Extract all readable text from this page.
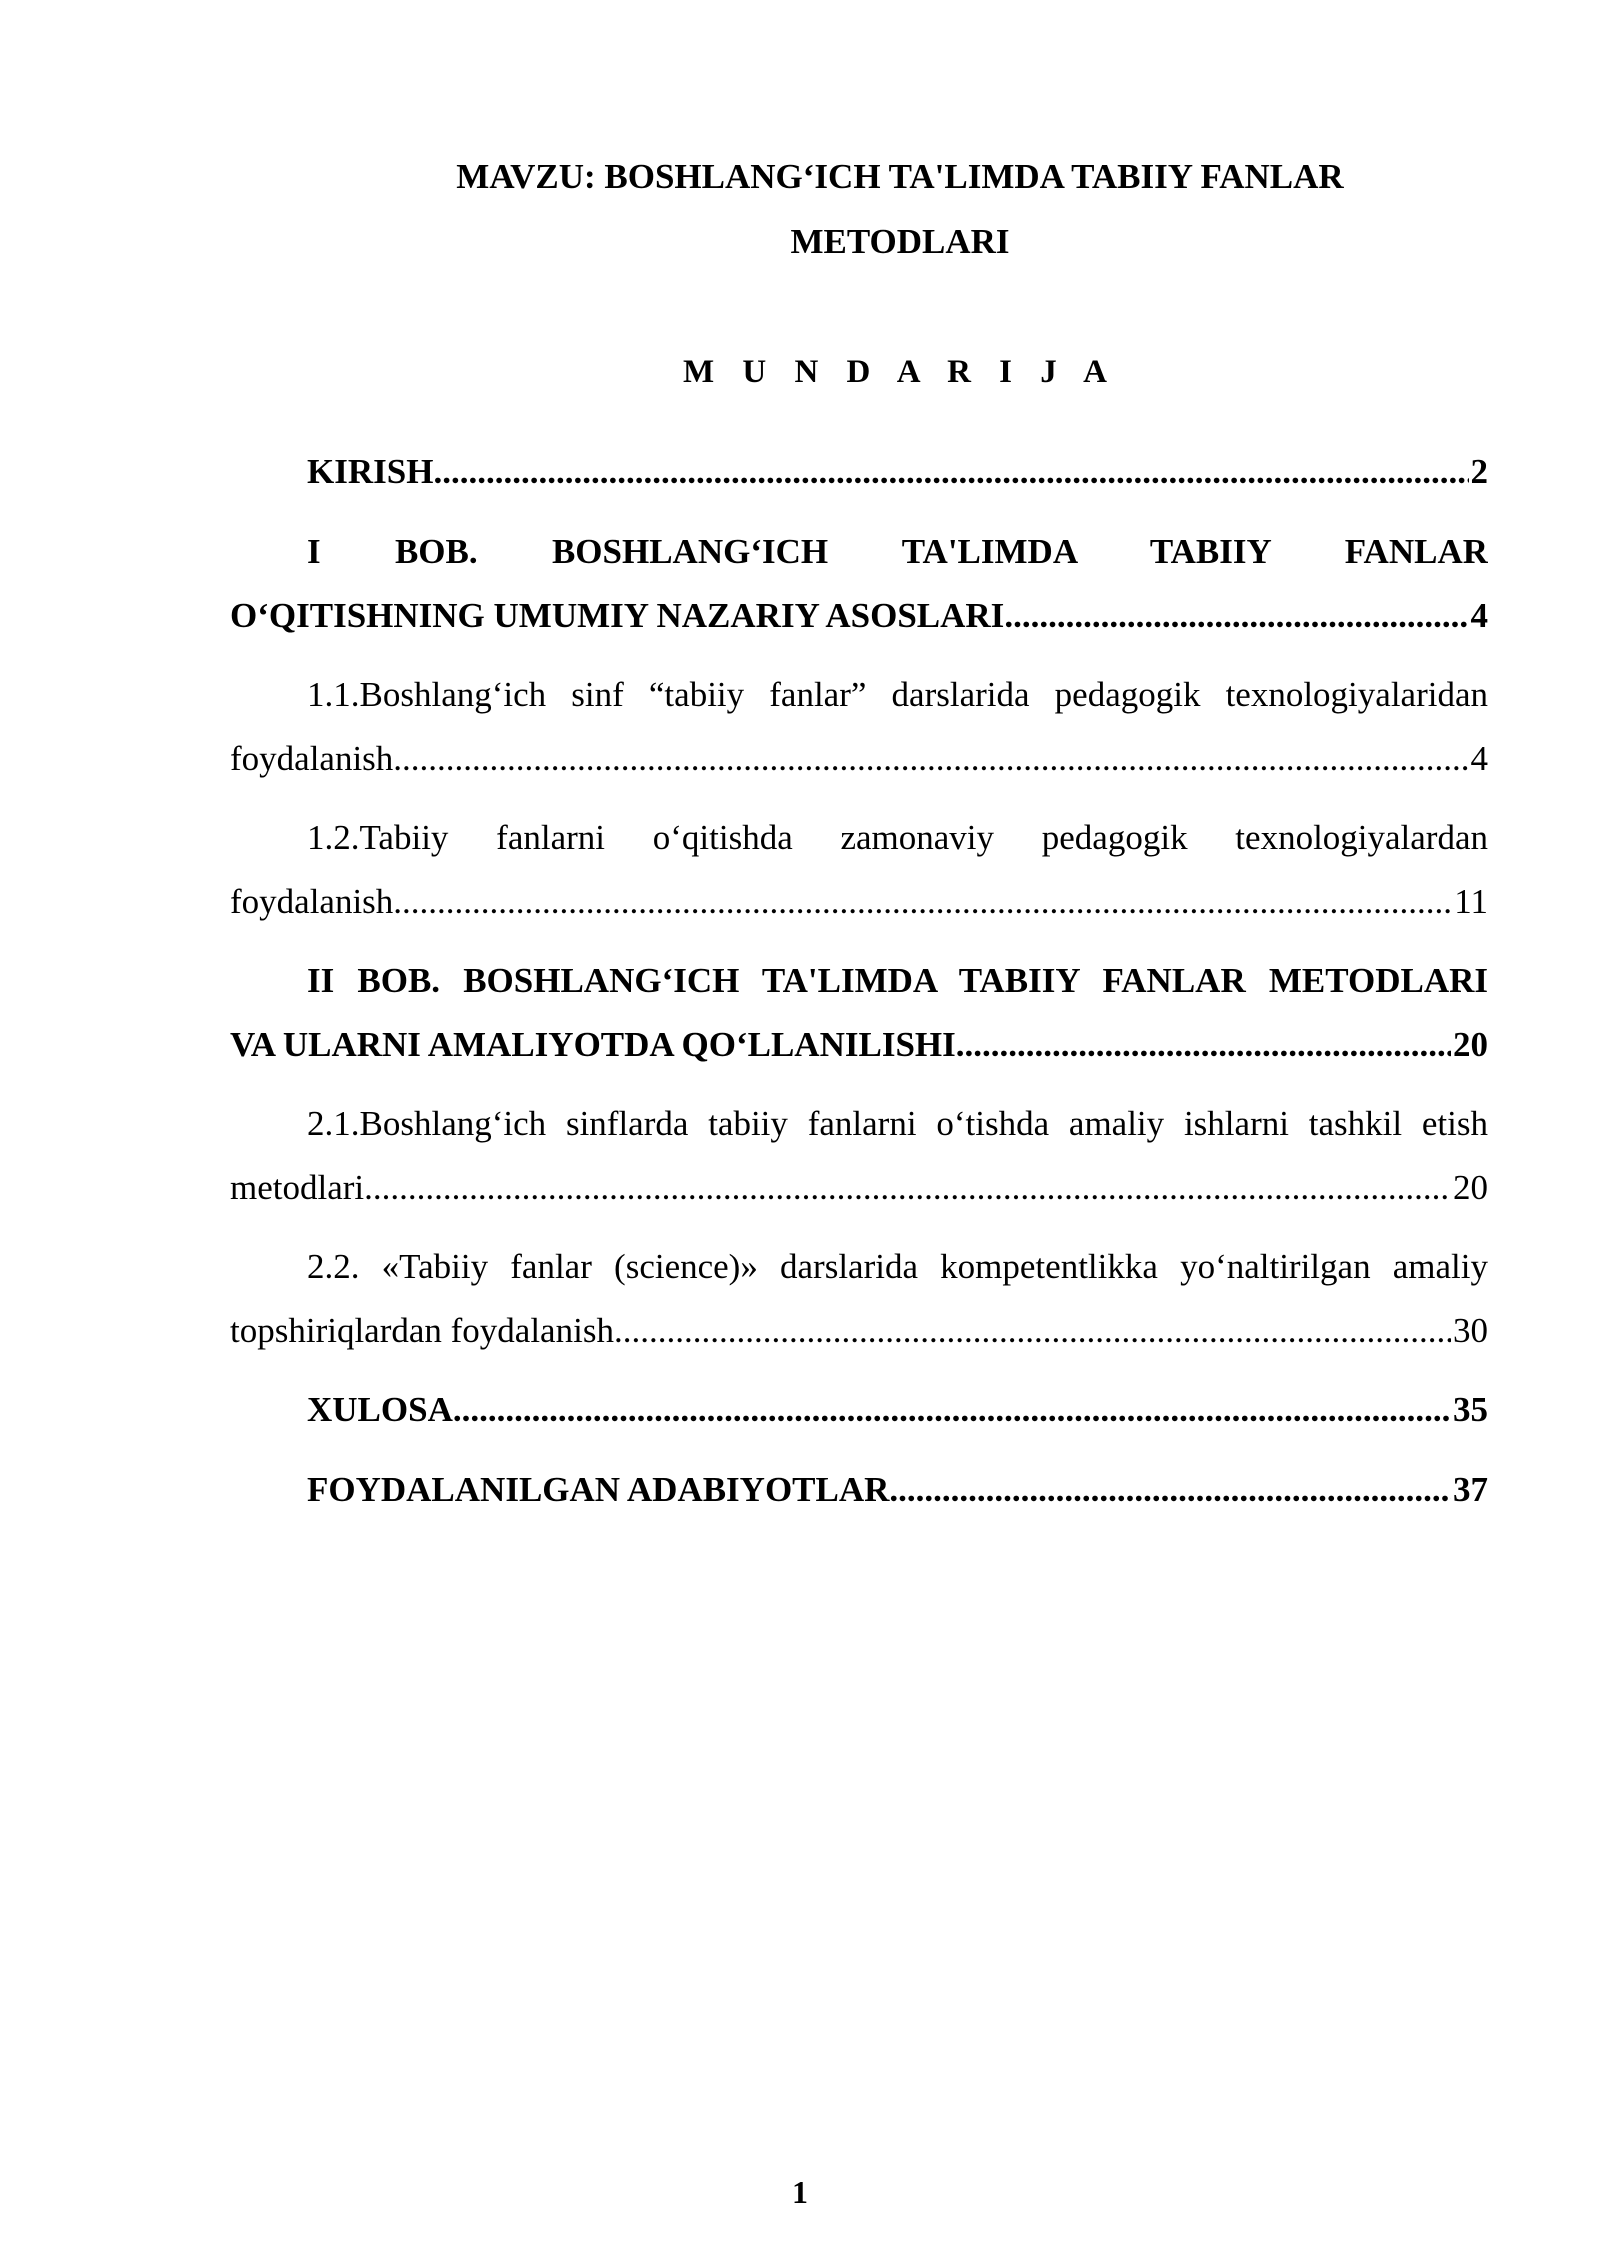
MAVZU: BOSHLANG‘ICH TA'LIMDA TABIIY FANLAR
METODLARI
M U N D A R I J A
KIRISH .....	2
I BOB. BOSHLANG‘ICH TA'LIMDA TABIIY FANLAR
O‘QITISHNING UMUMIY NAZARIY ASOSLARI .....	4
1.1.Boshlang‘ich sinf “tabiiy fanlar” darslarida pedagogik texnologiyalaridan
foydalanish .....	4
1.2.Tabiiy fanlarni o‘qitishda zamonaviy pedagogik texnologiyalardan
foydalanish .....	11
II BOB. BOSHLANG‘ICH TA'LIMDA TABIIY FANLAR METODLARI
VA ULARNI AMALIYOTDA QO‘LLANILISHI .....	20
2.1.Boshlang‘ich sinflarda tabiiy fanlarni o‘tishda amaliy ishlarni tashkil etish
metodlari .....	20
2.2. «Tabiiy fanlar (science)» darslarida kompetentlikka yo‘naltirilgan amaliy
topshiriqlardan foydalanish .....	30
XULOSA .....	35
FOYDALANILGAN ADABIYOTLAR .....	37
1
